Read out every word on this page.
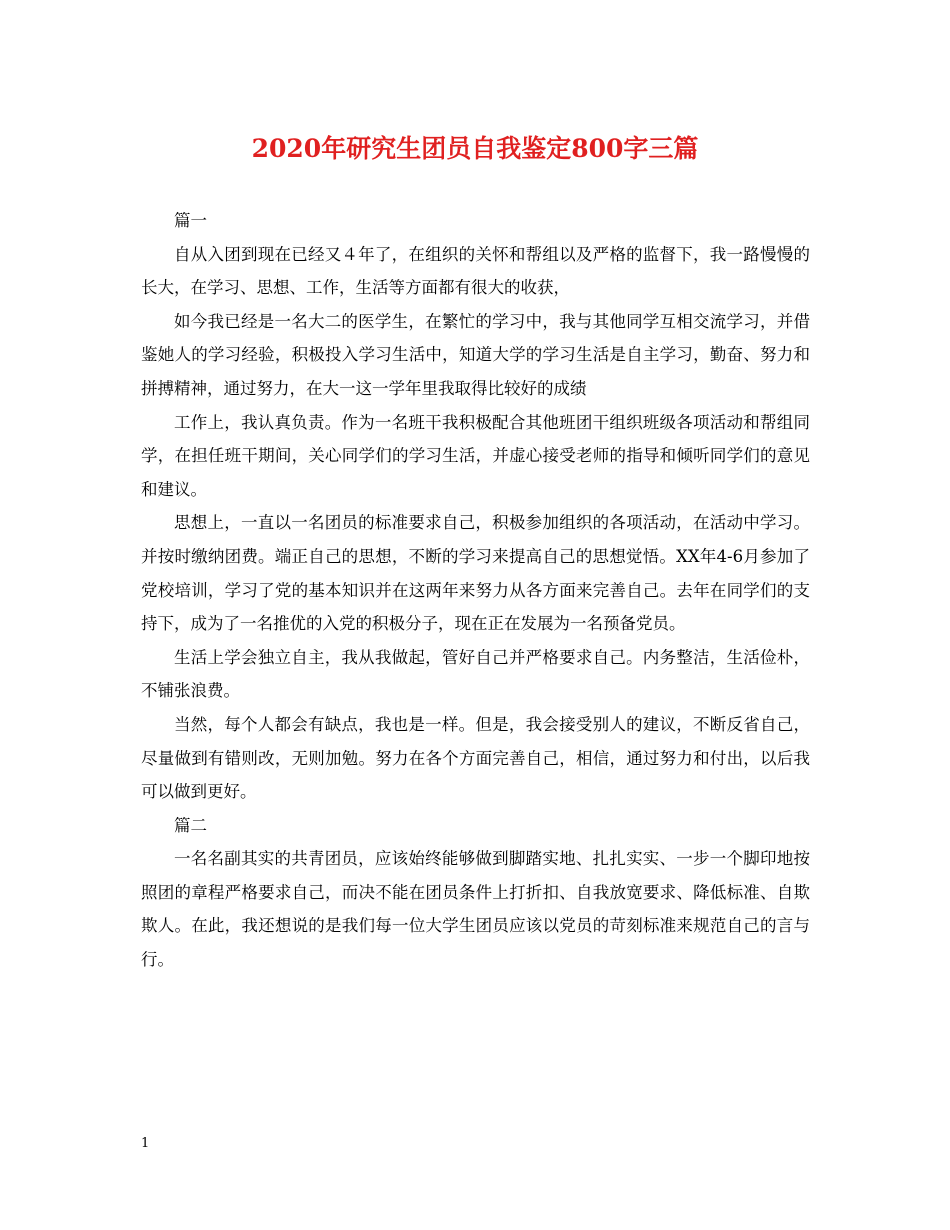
2020年研究生团员自我鉴定800字三篇

篇一

自从入团到现在已经又４年了，在组织的关怀和帮组以及严格的监督下，我一路慢慢的长大，在学习、思想、工作，生活等方面都有很大的收获，

如今我已经是一名大二的医学生，在繁忙的学习中，我与其他同学互相交流学习，并借鉴她人的学习经验，积极投入学习生活中，知道大学的学习生活是自主学习，勤奋、努力和拼搏精神，通过努力，在大一这一学年里我取得比较好的成绩

工作上，我认真负责。作为一名班干我积极配合其他班团干组织班级各项活动和帮组同学，在担任班干期间，关心同学们的学习生活，并虚心接受老师的指导和倾听同学们的意见和建议。

思想上，一直以一名团员的标准要求自己，积极参加组织的各项活动，在活动中学习。并按时缴纳团费。端正自己的思想，不断的学习来提高自己的思想觉悟。XX年4-6月参加了党校培训，学习了党的基本知识并在这两年来努力从各方面来完善自己。去年在同学们的支持下，成为了一名推优的入党的积极分子，现在正在发展为一名预备党员。

生活上学会独立自主，我从我做起，管好自己并严格要求自己。内务整洁，生活俭朴，不铺张浪费。

当然，每个人都会有缺点，我也是一样。但是，我会接受别人的建议，不断反省自己，尽量做到有错则改，无则加勉。努力在各个方面完善自己，相信，通过努力和付出，以后我可以做到更好。

篇二

一名名副其实的共青团员，应该始终能够做到脚踏实地、扎扎实实、一步一个脚印地按照团的章程严格要求自己，而决不能在团员条件上打折扣、自我放宽要求、降低标准、自欺欺人。在此，我还想说的是我们每一位大学生团员应该以党员的苛刻标准来规范自己的言与行。

1
